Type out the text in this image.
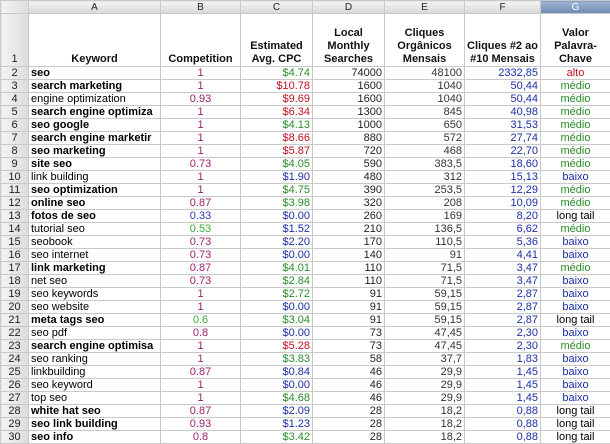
	A	B	C	D	E	F	G
1	Keyword	Competition	Estimated Avg. CPC	Local Monthly Searches	Cliques Orgânicos Mensais	Cliques #2 ao #10 Mensais	Valor Palavra-Chave
2	seo	1	$4.74	74000	48100	2332,85	alto
3	search marketing	1	$10.78	1600	1040	50,44	médio
4	engine optimization	0.93	$9.69	1600	1040	50,44	médio
5	search engine optimiza	1	$6.34	1300	845	40,98	médio
6	seo google	1	$4.13	1000	650	31,53	médio
7	search engine marketir	1	$8.66	880	572	27,74	médio
8	seo marketing	1	$5.87	720	468	22,70	médio
9	site seo	0.73	$4.05	590	383,5	18,60	médio
10	link building	1	$1.90	480	312	15,13	baixo
11	seo optimization	1	$4.75	390	253,5	12,29	médio
12	online seo	0.87	$3.98	320	208	10,09	médio
13	fotos de seo	0.33	$0.00	260	169	8,20	long tail
14	tutorial seo	0.53	$1.52	210	136,5	6,62	médio
15	seobook	0.73	$2.20	170	110,5	5,36	baixo
16	seo internet	0.73	$0.00	140	91	4,41	baixo
17	link marketing	0.87	$4.01	110	71,5	3,47	médio
18	net seo	0.73	$2.84	110	71,5	3,47	baixo
19	seo keywords	1	$2.72	91	59,15	2,87	baixo
20	seo website	1	$0.00	91	59,15	2,87	baixo
21	meta tags seo	0.6	$3.04	91	59,15	2,87	long tail
22	seo pdf	0.8	$0.00	73	47,45	2,30	baixo
23	search engine optimisa	1	$5.28	73	47,45	2,30	médio
24	seo ranking	1	$3.83	58	37,7	1,83	baixo
25	linkbuilding	0.87	$0.84	46	29,9	1,45	baixo
26	seo keyword	1	$0.00	46	29,9	1,45	baixo
27	top seo	1	$4.68	46	29,9	1,45	baixo
28	white hat seo	0.87	$2.09	28	18,2	0,88	long tail
29	seo link building	0.93	$1.23	28	18,2	0,88	long tail
30	seo info	0.8	$3.42	28	18,2	0,88	long tail
